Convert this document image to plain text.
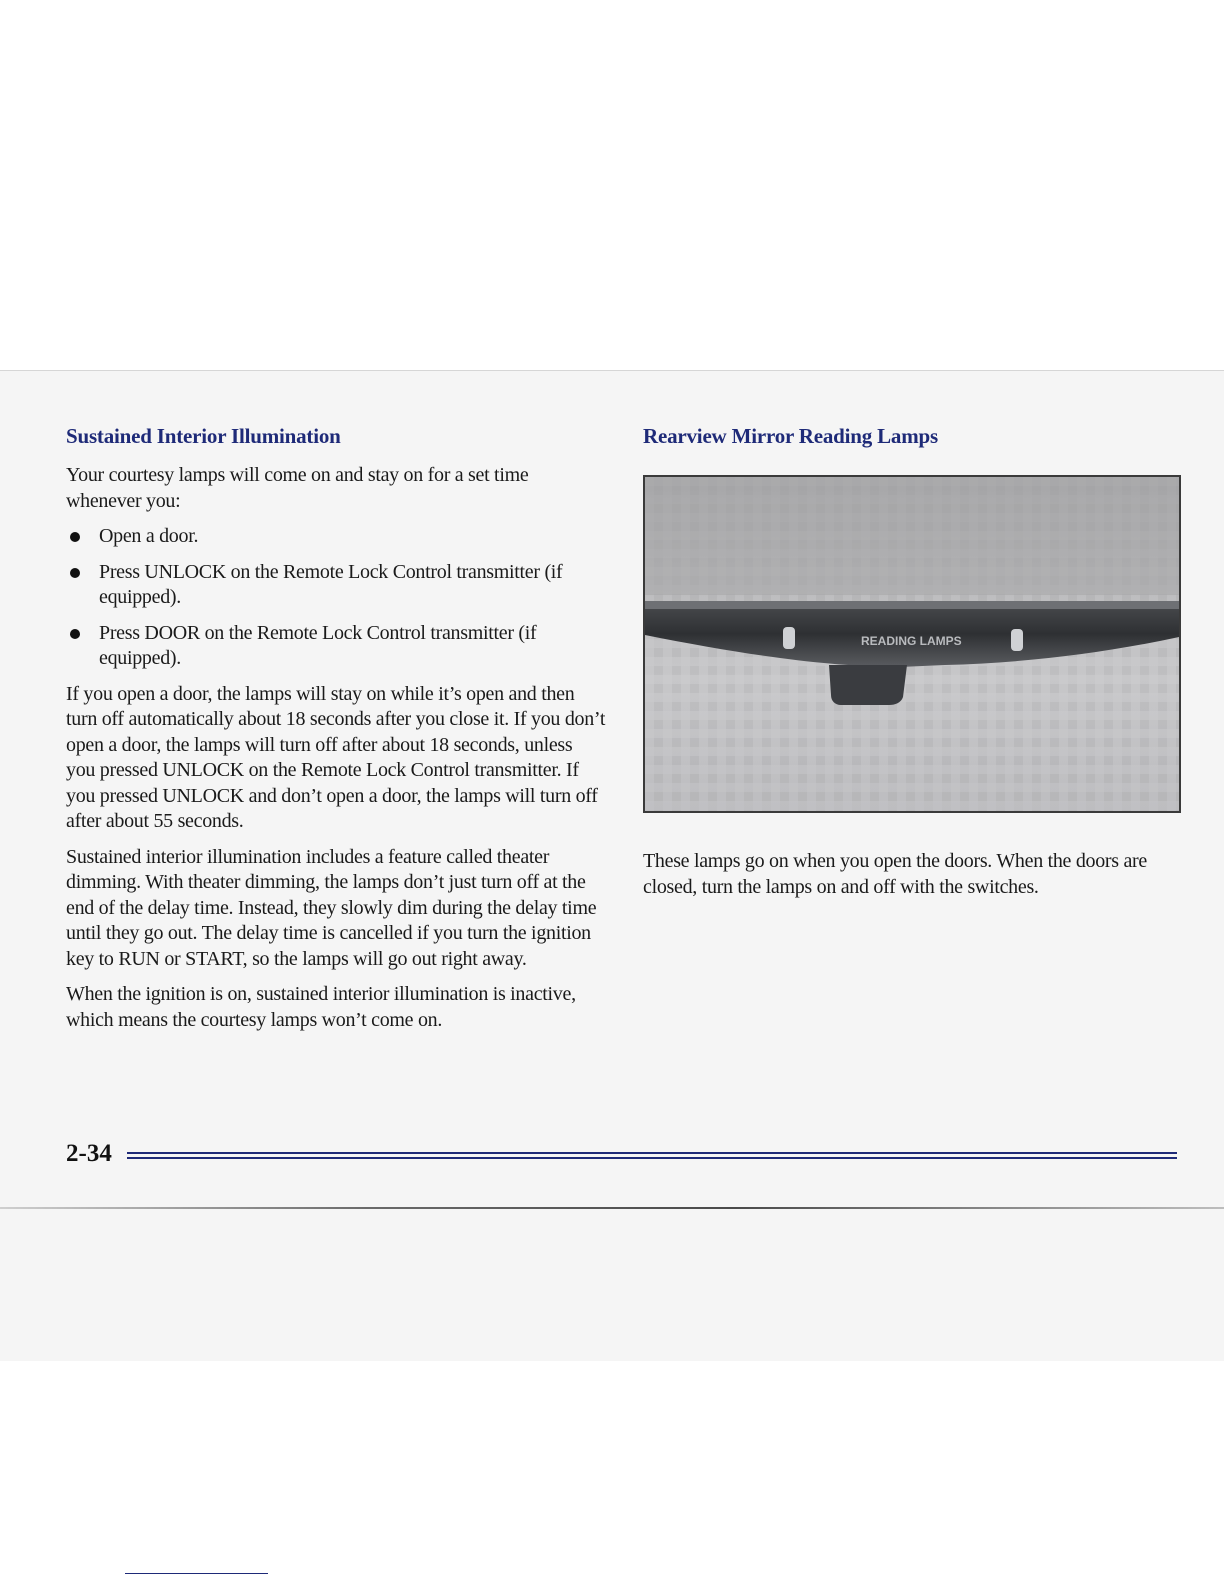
Sustained Interior Illumination

Your courtesy lamps will come on and stay on for a set time whenever you:

Open a door.
Press UNLOCK on the Remote Lock Control transmitter (if equipped).
Press DOOR on the Remote Lock Control transmitter (if equipped).

If you open a door, the lamps will stay on while it’s open and then turn off automatically about 18 seconds after you close it. If you don’t open a door, the lamps will turn off after about 18 seconds, unless you pressed UNLOCK on the Remote Lock Control transmitter. If you pressed UNLOCK and don’t open a door, the lamps will turn off after about 55 seconds.

Sustained interior illumination includes a feature called theater dimming. With theater dimming, the lamps don’t just turn off at the end of the delay time. Instead, they slowly dim during the delay time until they go out. The delay time is cancelled if you turn the ignition key to RUN or START, so the lamps will go out right away.

When the ignition is on, sustained interior illumination is inactive, which means the courtesy lamps won’t come on.

Rearview Mirror Reading Lamps
READING LAMPS

These lamps go on when you open the doors. When the doors are closed, turn the lamps on and off with the switches.

2-34
